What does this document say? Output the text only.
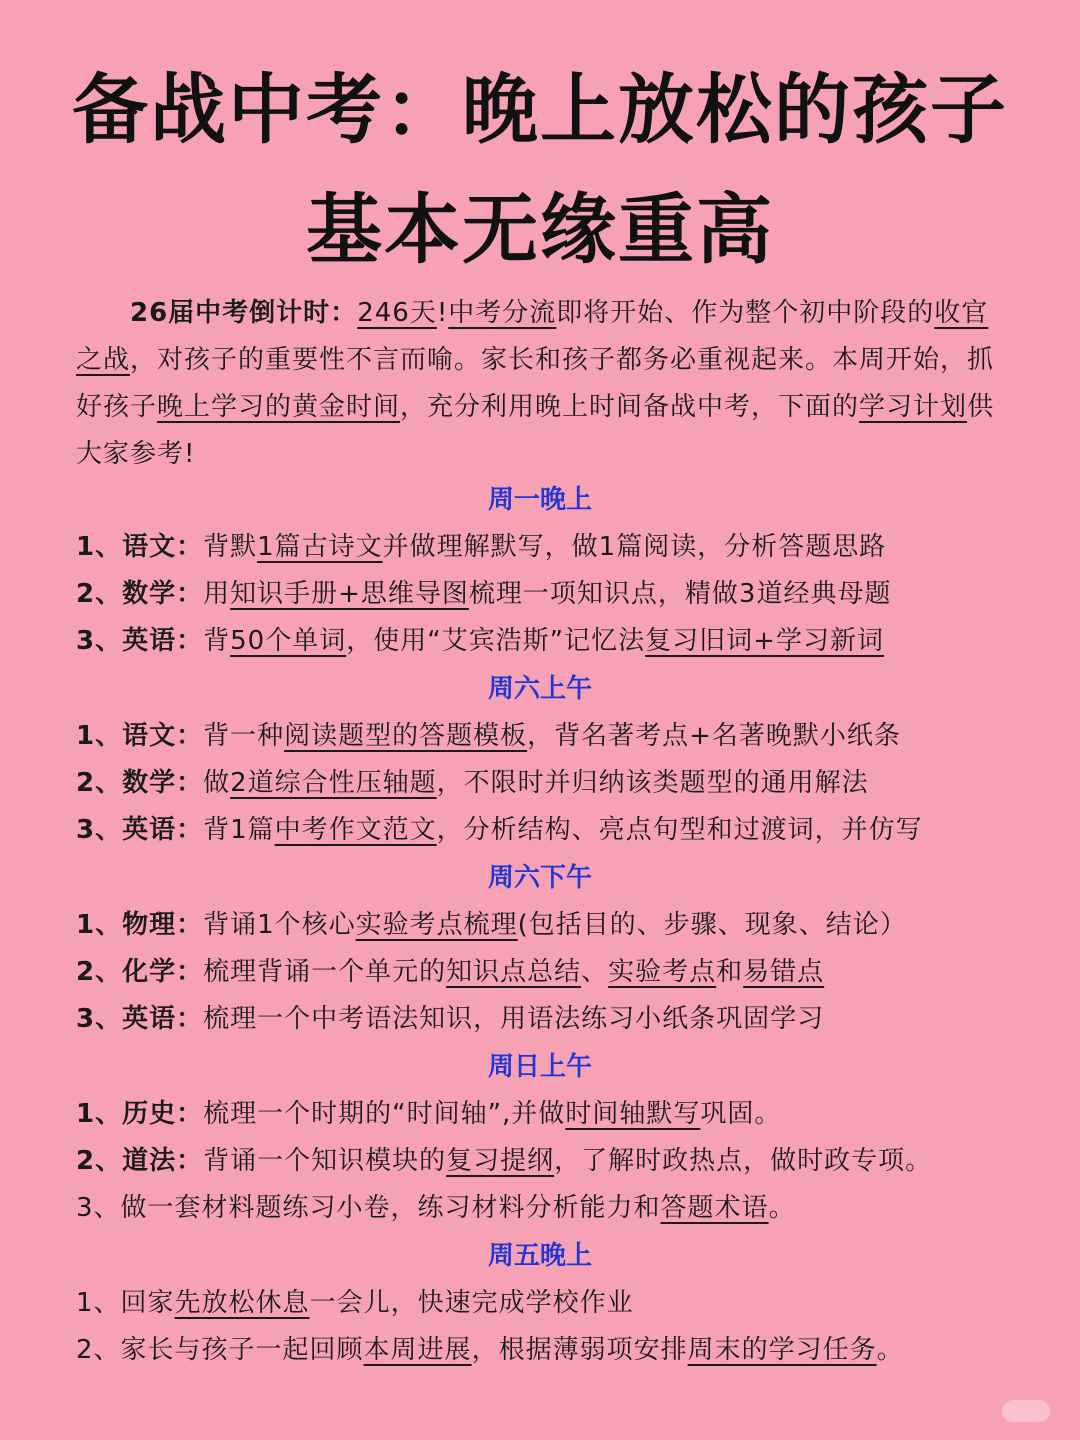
备战中考：晚上放松的孩子
基本无缘重高

26届中考倒计时：246天!中考分流即将开始、作为整个初中阶段的收官之战，对孩子的重要性不言而喻。家长和孩子都务必重视起来。本周开始，抓好孩子晚上学习的黄金时间，充分利用晚上时间备战中考，下面的学习计划供大家参考!

周一晚上
1、语文：背默1篇古诗文并做理解默写，做1篇阅读，分析答题思路
2、数学：用知识手册+思维导图梳理一项知识点，精做3道经典母题
3、英语：背50个单词，使用“艾宾浩斯”记忆法复习旧词+学习新词
周六上午
1、语文：背一种阅读题型的答题模板，背名著考点+名著晚默小纸条
2、数学：做2道综合性压轴题，不限时并归纳该类题型的通用解法
3、英语：背1篇中考作文范文，分析结构、亮点句型和过渡词，并仿写
周六下午
1、物理：背诵1个核心实验考点梳理(包括目的、步骤、现象、结论）
2、化学：梳理背诵一个单元的知识点总结、实验考点和易错点
3、英语：梳理一个中考语法知识，用语法练习小纸条巩固学习
周日上午
1、历史：梳理一个时期的“时间轴”,并做时间轴默写巩固。
2、道法：背诵一个知识模块的复习提纲，了解时政热点，做时政专项。
3、做一套材料题练习小卷，练习材料分析能力和答题术语。
周五晚上
1、回家先放松休息一会儿，快速完成学校作业
2、家长与孩子一起回顾本周进展，根据薄弱项安排周末的学习任务。
